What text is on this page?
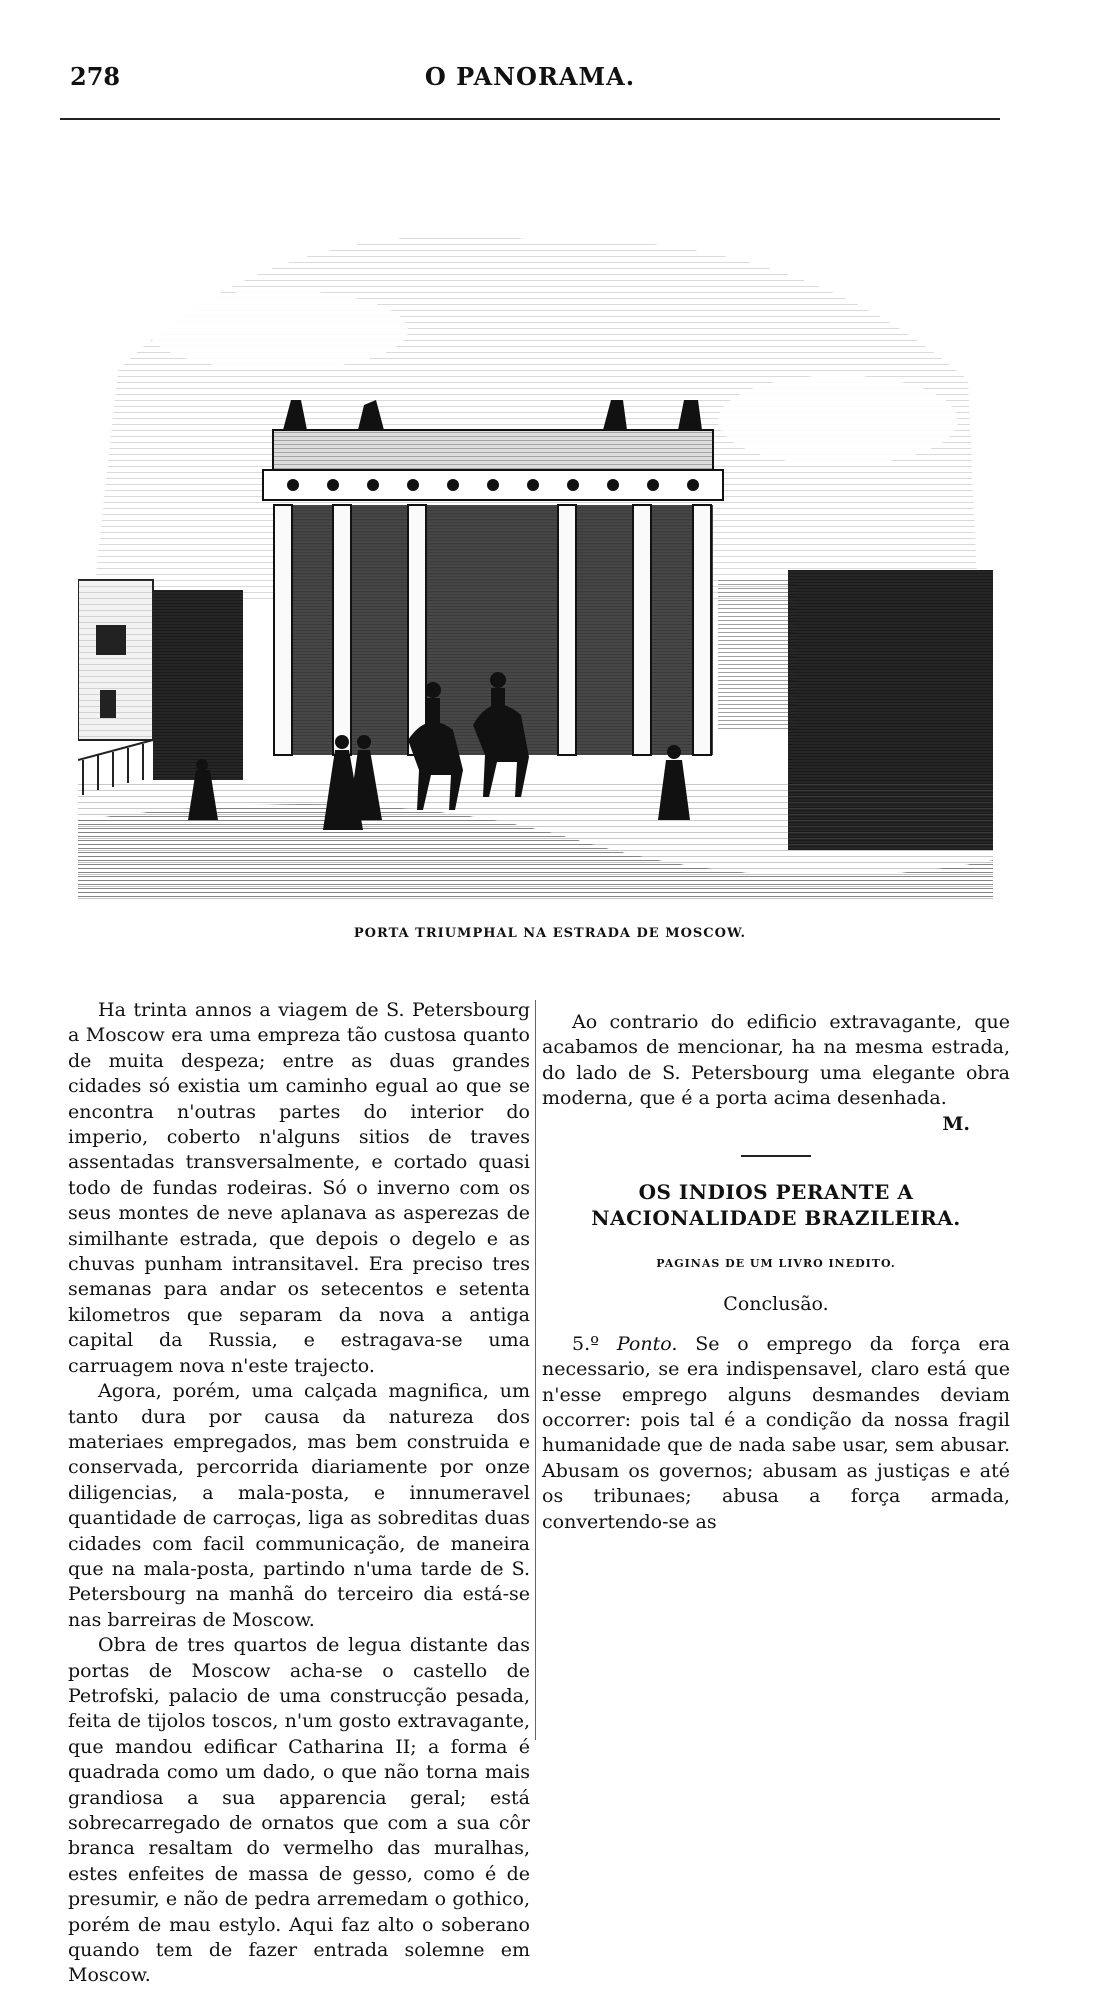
278	O PANORAMA.
PORTA TRIUMPHAL NA ESTRADA DE MOSCOW.

Ha trinta annos a viagem de S. Petersbourg a Moscow era uma empreza tão custosa quanto de muita despeza; entre as duas grandes cidades só existia um caminho egual ao que se encontra n'outras partes do interior do imperio, coberto n'alguns sitios de traves assentadas transversalmente, e cortado quasi todo de fundas rodeiras. Só o inverno com os seus montes de neve aplanava as asperezas de similhante estrada, que depois o degelo e as chuvas punham intransitavel. Era preciso tres semanas para andar os setecentos e setenta kilometros que separam da nova a antiga capital da Russia, e estragava-se uma carruagem nova n'este trajecto.

Agora, porém, uma calçada magnifica, um tanto dura por causa da natureza dos materiaes empregados, mas bem construida e conservada, percorrida diariamente por onze diligencias, a mala-posta, e innumeravel quantidade de carroças, liga as sobreditas duas cidades com facil communicação, de maneira que na mala-posta, partindo n'uma tarde de S. Petersbourg na manhã do terceiro dia está-se nas barreiras de Moscow.

Obra de tres quartos de legua distante das portas de Moscow acha-se o castello de Petrofski, palacio de uma construcção pesada, feita de tijolos toscos, n'um gosto extravagante, que mandou edificar Catharina II; a forma é quadrada como um dado, o que não torna mais grandiosa a sua apparencia geral; está sobrecarregado de ornatos que com a sua côr branca resaltam do vermelho das muralhas, estes enfeites de massa de gesso, como é de presumir, e não de pedra arremedam o gothico, porém de mau estylo. Aqui faz alto o soberano quando tem de fazer entrada solemne em Moscow.

Ao contrario do edificio extravagante, que acabamos de mencionar, ha na mesma estrada, do lado de S. Petersbourg uma elegante obra moderna, que é a porta acima desenhada.

M.
OS INDIOS PERANTE A NACIONALIDADE BRAZILEIRA.
PAGINAS DE UM LIVRO INEDITO.
Conclusão.

5.º Ponto. Se o emprego da força era necessario, se era indispensavel, claro está que n'esse emprego alguns desmandes deviam occorrer: pois tal é a condição da nossa fragil humanidade que de nada sabe usar, sem abusar. Abusam os governos; abusam as justiças e até os tribunaes; abusa a força armada, convertendo-se as
